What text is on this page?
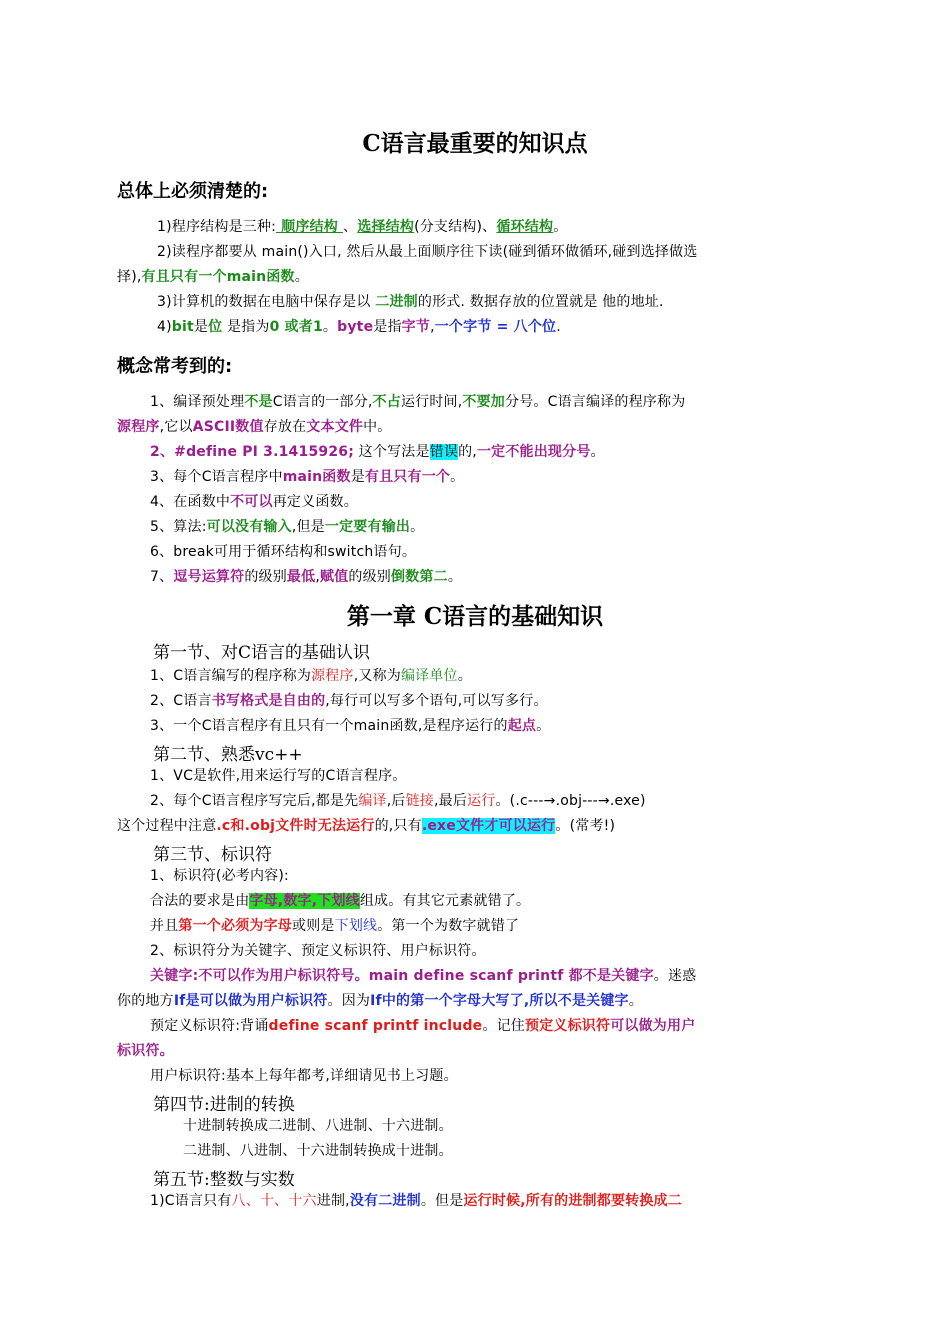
C语言最重要的知识点
总体上必须清楚的:
1)程序结构是三种: 顺序结构 、选择结构(分支结构)、循环结构。
2)读程序都要从 main()入口, 然后从最上面顺序往下读(碰到循环做循环,碰到选择做选
择),有且只有一个main函数。
3)计算机的数据在电脑中保存是以 二进制的形式. 数据存放的位置就是 他的地址.
4)bit是位 是指为0 或者1。byte是指字节,一个字节 = 八个位.
概念常考到的:
1、编译预处理不是C语言的一部分,不占运行时间,不要加分号。C语言编译的程序称为
源程序,它以ASCII数值存放在文本文件中。
2、#define PI 3.1415926; 这个写法是错误的,一定不能出现分号。
3、每个C语言程序中main函数是有且只有一个。
4、在函数中不可以再定义函数。
5、算法:可以没有输入,但是一定要有输出。
6、break可用于循环结构和switch语句。
7、逗号运算符的级别最低,赋值的级别倒数第二。
第一章 C语言的基础知识
第一节、对C语言的基础认识
1、C语言编写的程序称为源程序,又称为编译单位。
2、C语言书写格式是自由的,每行可以写多个语句,可以写多行。
3、一个C语言程序有且只有一个main函数,是程序运行的起点。
第二节、熟悉vc++
1、VC是软件,用来运行写的C语言程序。
2、每个C语言程序写完后,都是先编译,后链接,最后运行。(.c---→.obj---→.exe)
这个过程中注意.c和.obj文件时无法运行的,只有.exe文件才可以运行。(常考!)
第三节、标识符
1、标识符(必考内容):
合法的要求是由字母,数字,下划线组成。有其它元素就错了。
并且第一个必须为字母或则是下划线。第一个为数字就错了
2、标识符分为关键字、预定义标识符、用户标识符。
关键字:不可以作为用户标识符号。main define scanf printf 都不是关键字。迷惑
你的地方If是可以做为用户标识符。因为If中的第一个字母大写了,所以不是关键字。
预定义标识符:背诵define scanf printf include。记住预定义标识符可以做为用户
标识符。
用户标识符:基本上每年都考,详细请见书上习题。
第四节:进制的转换
十进制转换成二进制、八进制、十六进制。
二进制、八进制、十六进制转换成十进制。
第五节:整数与实数
1)C语言只有八、十、十六进制,没有二进制。但是运行时候,所有的进制都要转换成二
